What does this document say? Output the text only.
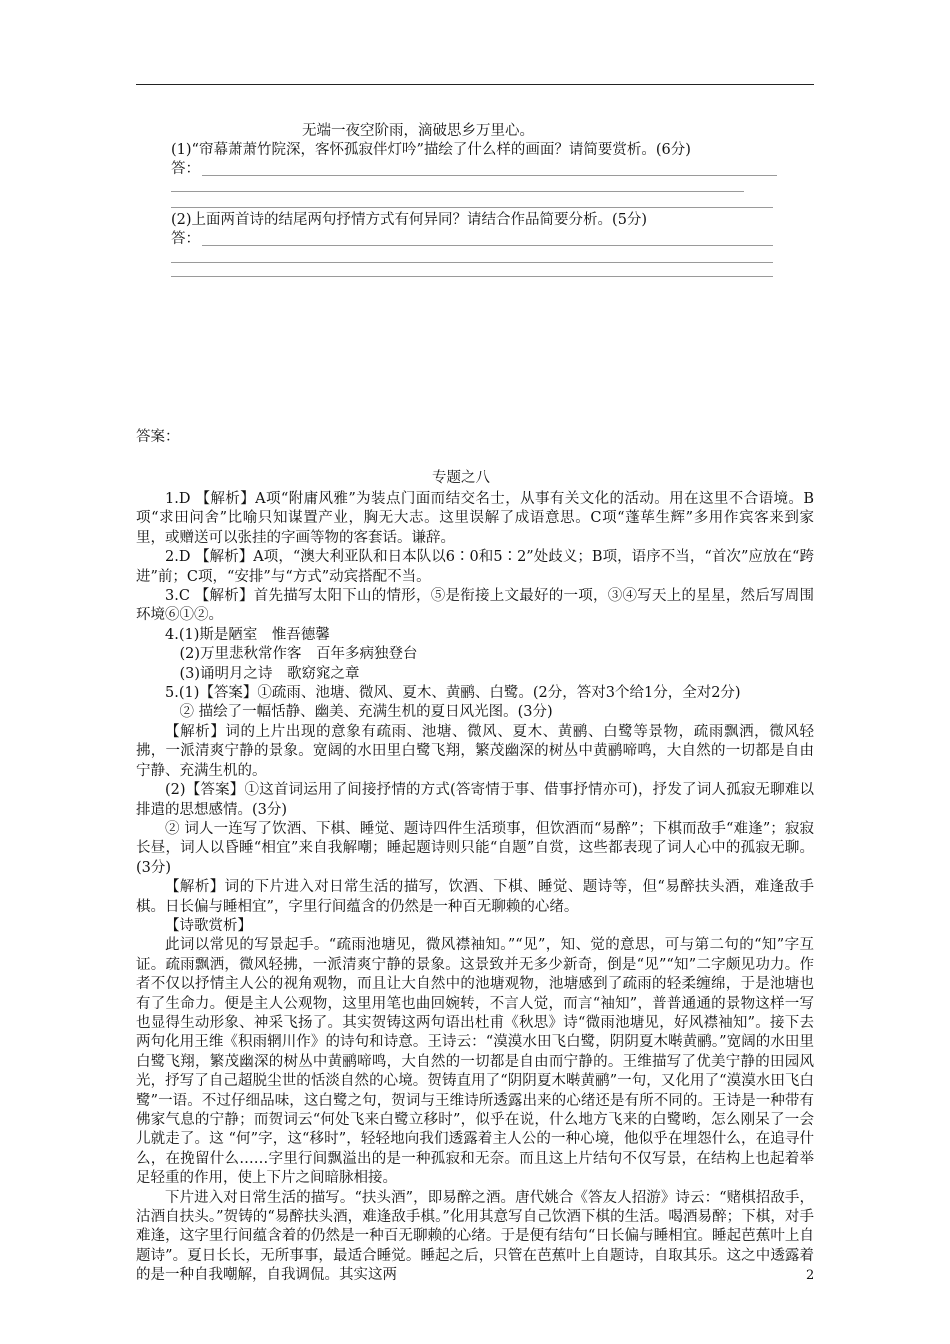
无端一夜空阶雨，滴破思乡万里心。
(1)“帘幕萧萧竹院深，客怀孤寂伴灯吟”描绘了什么样的画面？请简要赏析。(6分)
答：
(2)上面两首诗的结尾两句抒情方式有何异同？请结合作品简要分析。(5分)
答：
答案：
专题之八

1.D 【解析】A项“附庸风雅”为装点门面而结交名士，从事有关文化的活动。用在这里不合语境。B项“求田问舍”比喻只知谋置产业，胸无大志。这里误解了成语意思。C项“蓬荜生辉”多用作宾客来到家里，或赠送可以张挂的字画等物的客套话。谦辞。

2.D 【解析】A项，“澳大利亚队和日本队以6∶0和5∶2”处歧义；B项，语序不当，“首次”应放在“跨进”前；C项，“安排”与“方式”动宾搭配不当。

3.C 【解析】首先描写太阳下山的情形，⑤是衔接上文最好的一项，③④写天上的星星，然后写周围环境⑥①②。

4.(1)斯是陋室　惟吾德馨

(2)万里悲秋常作客　百年多病独登台

(3)诵明月之诗　歌窈窕之章

5.(1)【答案】①疏雨、池塘、微风、夏木、黄鹂、白鹭。(2分，答对3个给1分，全对2分)

② 描绘了一幅恬静、幽美、充满生机的夏日风光图。(3分)

【解析】词的上片出现的意象有疏雨、池塘、微风、夏木、黄鹂、白鹭等景物，疏雨飘洒，微风轻拂，一派清爽宁静的景象。宽阔的水田里白鹭飞翔，繁茂幽深的树丛中黄鹂啼鸣，大自然的一切都是自由宁静、充满生机的。

(2)【答案】①这首词运用了间接抒情的方式(答寄情于事、借事抒情亦可)，抒发了词人孤寂无聊难以排遣的思想感情。(3分)

② 词人一连写了饮酒、下棋、睡觉、题诗四件生活琐事，但饮酒而“易醉”；下棋而敌手“难逢”；寂寂长昼，词人以昏睡“相宜”来自我解嘲；睡起题诗则只能“自题”自赏，这些都表现了词人心中的孤寂无聊。(3分)

【解析】词的下片进入对日常生活的描写，饮酒、下棋、睡觉、题诗等，但“易醉扶头酒，难逢敌手棋。日长偏与睡相宜”，字里行间蕴含的仍然是一种百无聊赖的心绪。

【诗歌赏析】

此词以常见的写景起手。“疏雨池塘见，微风襟袖知。”“见”，知、觉的意思，可与第二句的“知”字互证。疏雨飘洒，微风轻拂，一派清爽宁静的景象。这景致并无多少新奇，倒是“见”“知”二字颇见功力。作者不仅以抒情主人公的视角观物，而且让大自然中的池塘观物，池塘感到了疏雨的轻柔缠绵，于是池塘也有了生命力。便是主人公观物，这里用笔也曲回婉转，不言人觉，而言“袖知”，普普通通的景物这样一写也显得生动形象、神采飞扬了。其实贺铸这两句语出杜甫《秋思》诗“微雨池塘见，好风襟袖知”。接下去两句化用王维《积雨辋川作》的诗句和诗意。王诗云：“漠漠水田飞白鹭，阴阴夏木啭黄鹂。”宽阔的水田里白鹭飞翔，繁茂幽深的树丛中黄鹂啼鸣，大自然的一切都是自由而宁静的。王维描写了优美宁静的田园风光，抒写了自己超脱尘世的恬淡自然的心境。贺铸直用了“阴阴夏木啭黄鹂”一句，又化用了“漠漠水田飞白鹭”一语。不过仔细品味，这白鹭之句，贺词与王维诗所透露出来的心绪还是有所不同的。王诗是一种带有佛家气息的宁静；而贺词云“何处飞来白鹭立移时”，似乎在说，什么地方飞来的白鹭哟，怎么刚呆了一会儿就走了。这 “何”字，这“移时”，轻轻地向我们透露着主人公的一种心境，他似乎在埋怨什么，在追寻什么，在挽留什么……字里行间飘溢出的是一种孤寂和无奈。而且这上片结句不仅写景，在结构上也起着举足轻重的作用，使上下片之间暗脉相接。

下片进入对日常生活的描写。“扶头酒”，即易醉之酒。唐代姚合《答友人招游》诗云：“赌棋招敌手，沽酒自扶头。”贺铸的“易醉扶头酒，难逢敌手棋。”化用其意写自己饮酒下棋的生活。喝酒易醉；下棋，对手难逢，这字里行间蕴含着的仍然是一种百无聊赖的心绪。于是便有结句“日长偏与睡相宜。睡起芭蕉叶上自题诗”。夏日长长，无所事事，最适合睡觉。睡起之后，只管在芭蕉叶上自题诗，自取其乐。这之中透露着的是一种自我嘲解，自我调侃。其实这两	2
